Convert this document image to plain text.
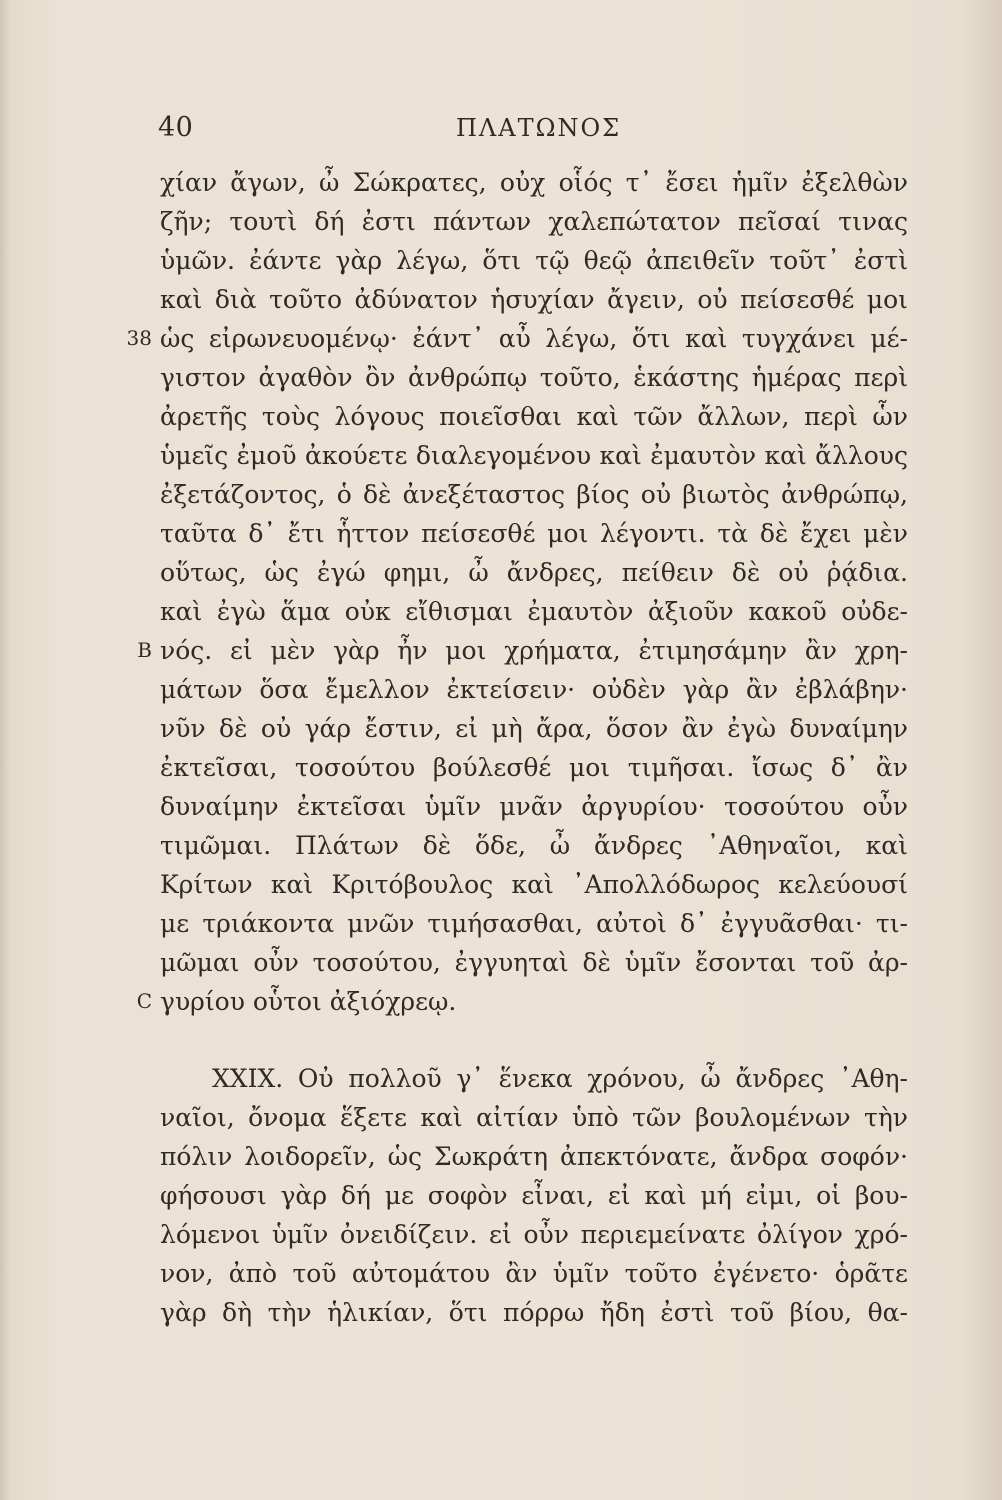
40	ΠΛΑΤΩΝΟΣ
χίαν ἄγων, ὦ Σώκρατες, οὐχ οἷός τ᾽ ἔσει ἡμῖν ἐξελθὼν
ζῆν; τουτὶ δή ἐστι πάντων χαλεπώτατον πεῖσαί τινας
ὑμῶν. ἐάντε γὰρ λέγω, ὅτι τῷ θεῷ ἀπειθεῖν τοῦτ᾽ ἐστὶ
καὶ διὰ τοῦτο ἀδύνατον ἡσυχίαν ἄγειν, οὐ πείσεσθέ μοι
38 ὡς εἰρωνευομένῳ· ἐάντ᾽ αὖ λέγω, ὅτι καὶ τυγχάνει μέ-
γιστον ἀγαθὸν ὂν ἀνθρώπῳ τοῦτο, ἑκάστης ἡμέρας περὶ
ἀρετῆς τοὺς λόγους ποιεῖσθαι καὶ τῶν ἄλλων, περὶ ὧν
ὑμεῖς ἐμοῦ ἀκούετε διαλεγομένου καὶ ἐμαυτὸν καὶ ἄλλους
ἐξετάζοντος, ὁ δὲ ἀνεξέταστος βίος οὐ βιωτὸς ἀνθρώπῳ,
ταῦτα δ᾽ ἔτι ἧττον πείσεσθέ μοι λέγοντι. τὰ δὲ ἔχει μὲν
οὕτως, ὡς ἐγώ φημι, ὦ ἄνδρες, πείθειν δὲ οὐ ῥᾴδια.
καὶ ἐγὼ ἅμα οὐκ εἴθισμαι ἐμαυτὸν ἀξιοῦν κακοῦ οὐδε-
B νός. εἰ μὲν γὰρ ἦν μοι χρήματα, ἐτιμησάμην ἂν χρη-
μάτων ὅσα ἔμελλον ἐκτείσειν· οὐδὲν γὰρ ἂν ἐβλάβην·
νῦν δὲ οὐ γάρ ἔστιν, εἰ μὴ ἄρα, ὅσον ἂν ἐγὼ δυναίμην
ἐκτεῖσαι, τοσούτου βούλεσθέ μοι τιμῆσαι. ἴσως δ᾽ ἂν
δυναίμην ἐκτεῖσαι ὑμῖν μνᾶν ἀργυρίου· τοσούτου οὖν
τιμῶμαι. Πλάτων δὲ ὅδε, ὦ ἄνδρες ᾿Αθηναῖοι, καὶ
Κρίτων καὶ Κριτόβουλος καὶ ᾿Απολλόδωρος κελεύουσί
με τριάκοντα μνῶν τιμήσασθαι, αὐτοὶ δ᾽ ἐγγυᾶσθαι· τι-
μῶμαι οὖν τοσούτου, ἐγγυηταὶ δὲ ὑμῖν ἔσονται τοῦ ἀρ-
C γυρίου οὗτοι ἀξιόχρεῳ.
XXIX. Οὐ πολλοῦ γ᾽ ἕνεκα χρόνου, ὦ ἄνδρες ᾿Αθη-
ναῖοι, ὄνομα ἕξετε καὶ αἰτίαν ὑπὸ τῶν βουλομένων τὴν
πόλιν λοιδορεῖν, ὡς Σωκράτη ἀπεκτόνατε, ἄνδρα σοφόν·
φήσουσι γὰρ δή με σοφὸν εἶναι, εἰ καὶ μή εἰμι, οἱ βου-
λόμενοι ὑμῖν ὀνειδίζειν. εἰ οὖν περιεμείνατε ὀλίγον χρό-
νον, ἀπὸ τοῦ αὐτομάτου ἂν ὑμῖν τοῦτο ἐγένετο· ὁρᾶτε
γὰρ δὴ τὴν ἡλικίαν, ὅτι πόρρω ἤδη ἐστὶ τοῦ βίου, θα-
